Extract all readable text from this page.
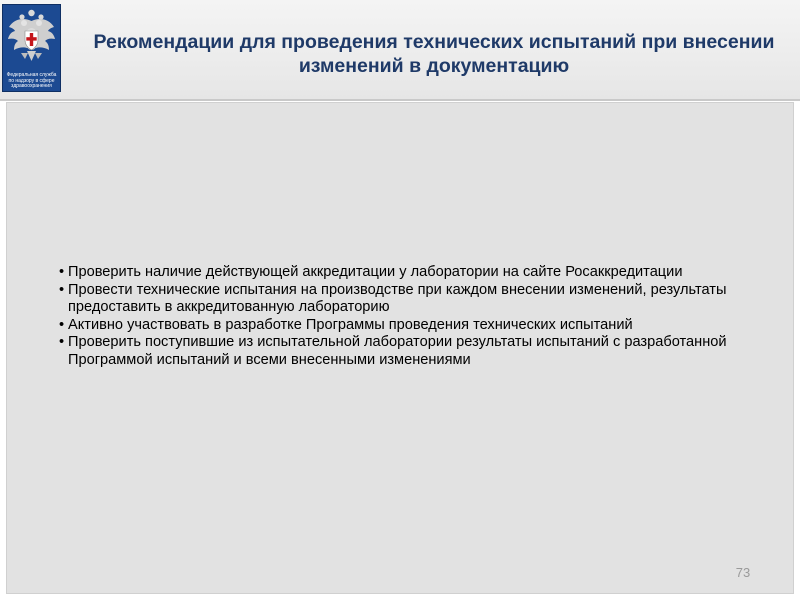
Федеральная служба
по надзору в сфере
здравоохранения
Рекомендации для проведения технических испытаний при внесении изменений в документацию
• Проверить наличие действующей аккредитации у лаборатории на сайте Росаккредитации
• Провести технические испытания на производстве при каждом внесении изменений, результаты предоставить в аккредитованную лабораторию
• Активно участвовать в разработке Программы проведения технических испытаний
• Проверить поступившие из испытательной лаборатории результаты испытаний с разработанной Программой испытаний и всеми внесенными изменениями
73
